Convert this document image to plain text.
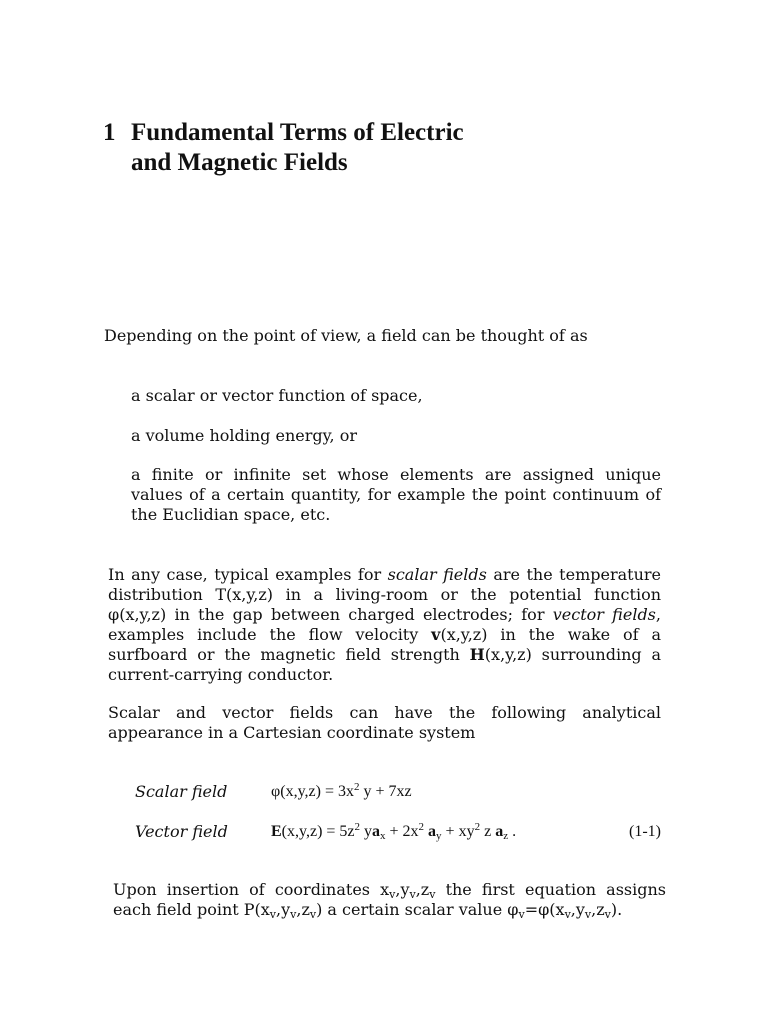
1 Fundamental Terms of Electric
and Magnetic Fields

Depending on the point of view, a field can be thought of as

a scalar or vector function of space,

a volume holding energy, or

a finite or infinite set whose elements are assigned unique values of a certain quantity, for example the point continuum of the Euclidian space, etc.

In any case, typical examples for scalar fields are the temperature distribution T(x,y,z) in a living-room or the potential function φ(x,y,z) in the gap between charged electrodes; for vector fields, examples include the flow velocity v(x,y,z) in the wake of a surfboard or the magnetic field strength H(x,y,z) surrounding a current-carrying conductor.

Scalar and vector fields can have the following analytical appearance in a Cartesian coordinate system

Scalar field	$\varphi(x,y,z) = 3x^2$ y + 7xz
Vector field	$E(x,y,z) = 5z^2$ $ya_x + 2x^2$ $a_y + xy^2$ z $a_z$ .	(1-1)

Upon insertion of coordinates $x_v,y_v,z_v$ the first equation assigns each field point $P(x_v,y_v,z_v)$ a certain scalar value $\varphi_v=\varphi(x_v,y_v,z_v)$.
